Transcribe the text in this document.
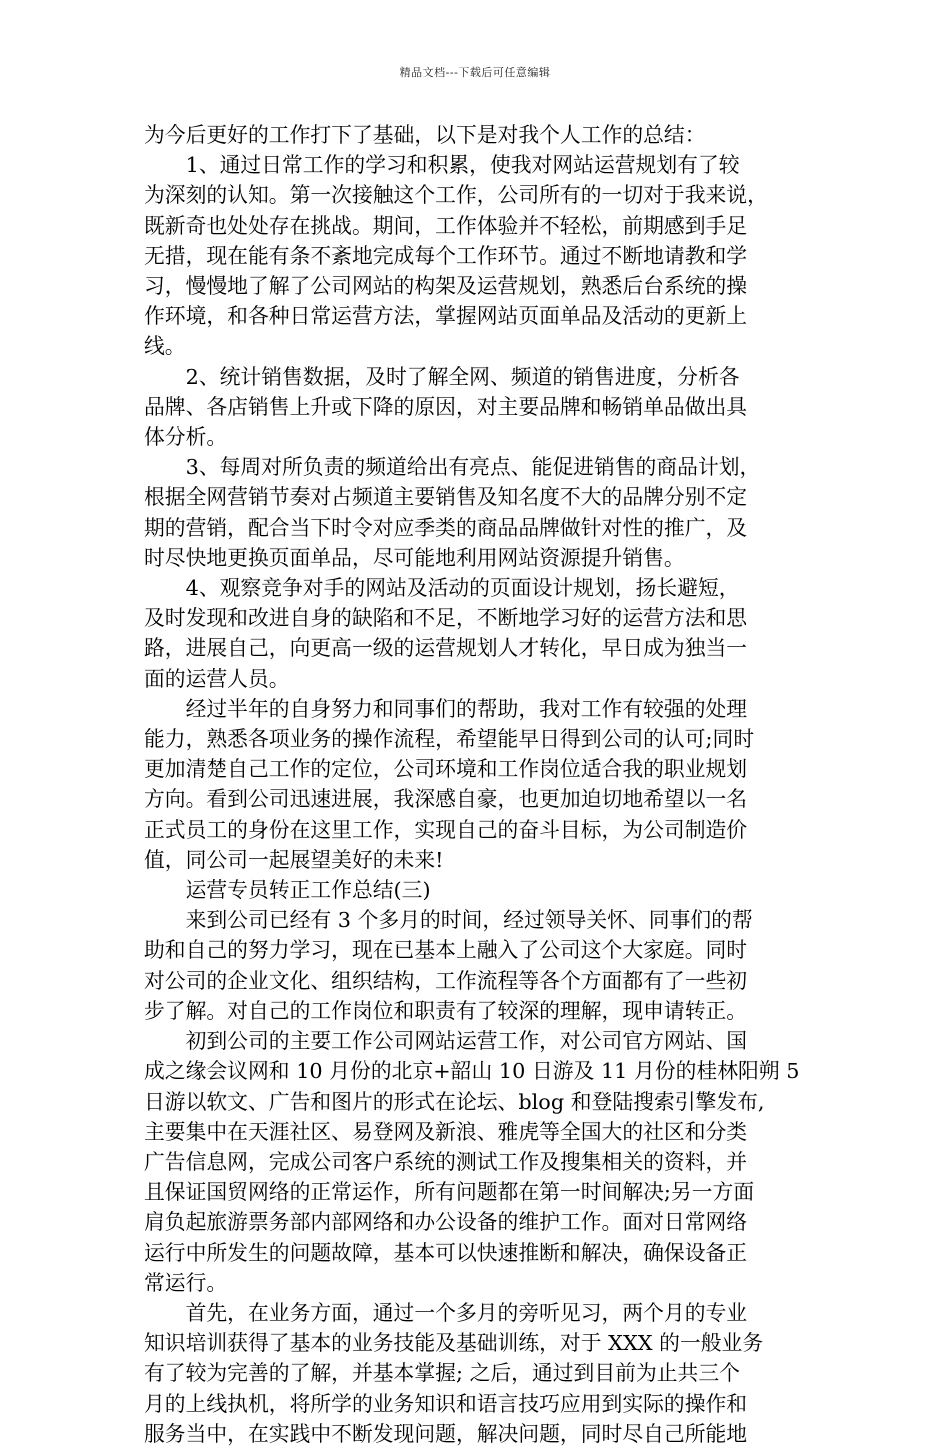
精品文档---下载后可任意编辑

为今后更好的工作打下了基础，以下是对我个人工作的总结：

1、通过日常工作的学习和积累，使我对网站运营规划有了较
为深刻的认知。第一次接触这个工作，公司所有的一切对于我来说，
既新奇也处处存在挑战。期间，工作体验并不轻松，前期感到手足
无措，现在能有条不紊地完成每个工作环节。通过不断地请教和学
习，慢慢地了解了公司网站的构架及运营规划，熟悉后台系统的操
作环境，和各种日常运营方法，掌握网站页面单品及活动的更新上
线。

2、统计销售数据，及时了解全网、频道的销售进度，分析各
品牌、各店销售上升或下降的原因，对主要品牌和畅销单品做出具
体分析。

3、每周对所负责的频道给出有亮点、能促进销售的商品计划，
根据全网营销节奏对占频道主要销售及知名度不大的品牌分别不定
期的营销，配合当下时令对应季类的商品品牌做针对性的推广，及
时尽快地更换页面单品，尽可能地利用网站资源提升销售。

4、观察竞争对手的网站及活动的页面设计规划，扬长避短，
及时发现和改进自身的缺陷和不足，不断地学习好的运营方法和思
路，进展自己，向更高一级的运营规划人才转化，早日成为独当一
面的运营人员。

经过半年的自身努力和同事们的帮助，我对工作有较强的处理
能力，熟悉各项业务的操作流程，希望能早日得到公司的认可;同时
更加清楚自己工作的定位，公司环境和工作岗位适合我的职业规划
方向。看到公司迅速进展，我深感自豪，也更加迫切地希望以一名
正式员工的身份在这里工作，实现自己的奋斗目标，为公司制造价
值，同公司一起展望美好的未来!

运营专员转正工作总结(三)

来到公司已经有 3 个多月的时间，经过领导关怀、同事们的帮
助和自己的努力学习，现在已基本上融入了公司这个大家庭。同时
对公司的企业文化、组织结构，工作流程等各个方面都有了一些初
步了解。对自己的工作岗位和职责有了较深的理解，现申请转正。

初到公司的主要工作公司网站运营工作，对公司官方网站、国
成之缘会议网和 10 月份的北京+韶山 10 日游及 11 月份的桂林阳朔 5
日游以软文、广告和图片的形式在论坛、blog 和登陆搜索引擎发布,
主要集中在天涯社区、易登网及新浪、雅虎等全国大的社区和分类
广告信息网，完成公司客户系统的测试工作及搜集相关的资料，并
且保证国贸网络的正常运作，所有问题都在第一时间解决;另一方面
肩负起旅游票务部内部网络和办公设备的维护工作。面对日常网络
运行中所发生的问题故障，基本可以快速推断和解决，确保设备正
常运行。

首先，在业务方面，通过一个多月的旁听见习，两个月的专业
知识培训获得了基本的业务技能及基础训练，对于 XXX 的一般业务
有了较为完善的了解，并基本掌握; 之后，通过到目前为止共三个
月的上线执机，将所学的业务知识和语言技巧应用到实际的操作和
服务当中，在实践中不断发现问题，解决问题，同时尽自己所能地
